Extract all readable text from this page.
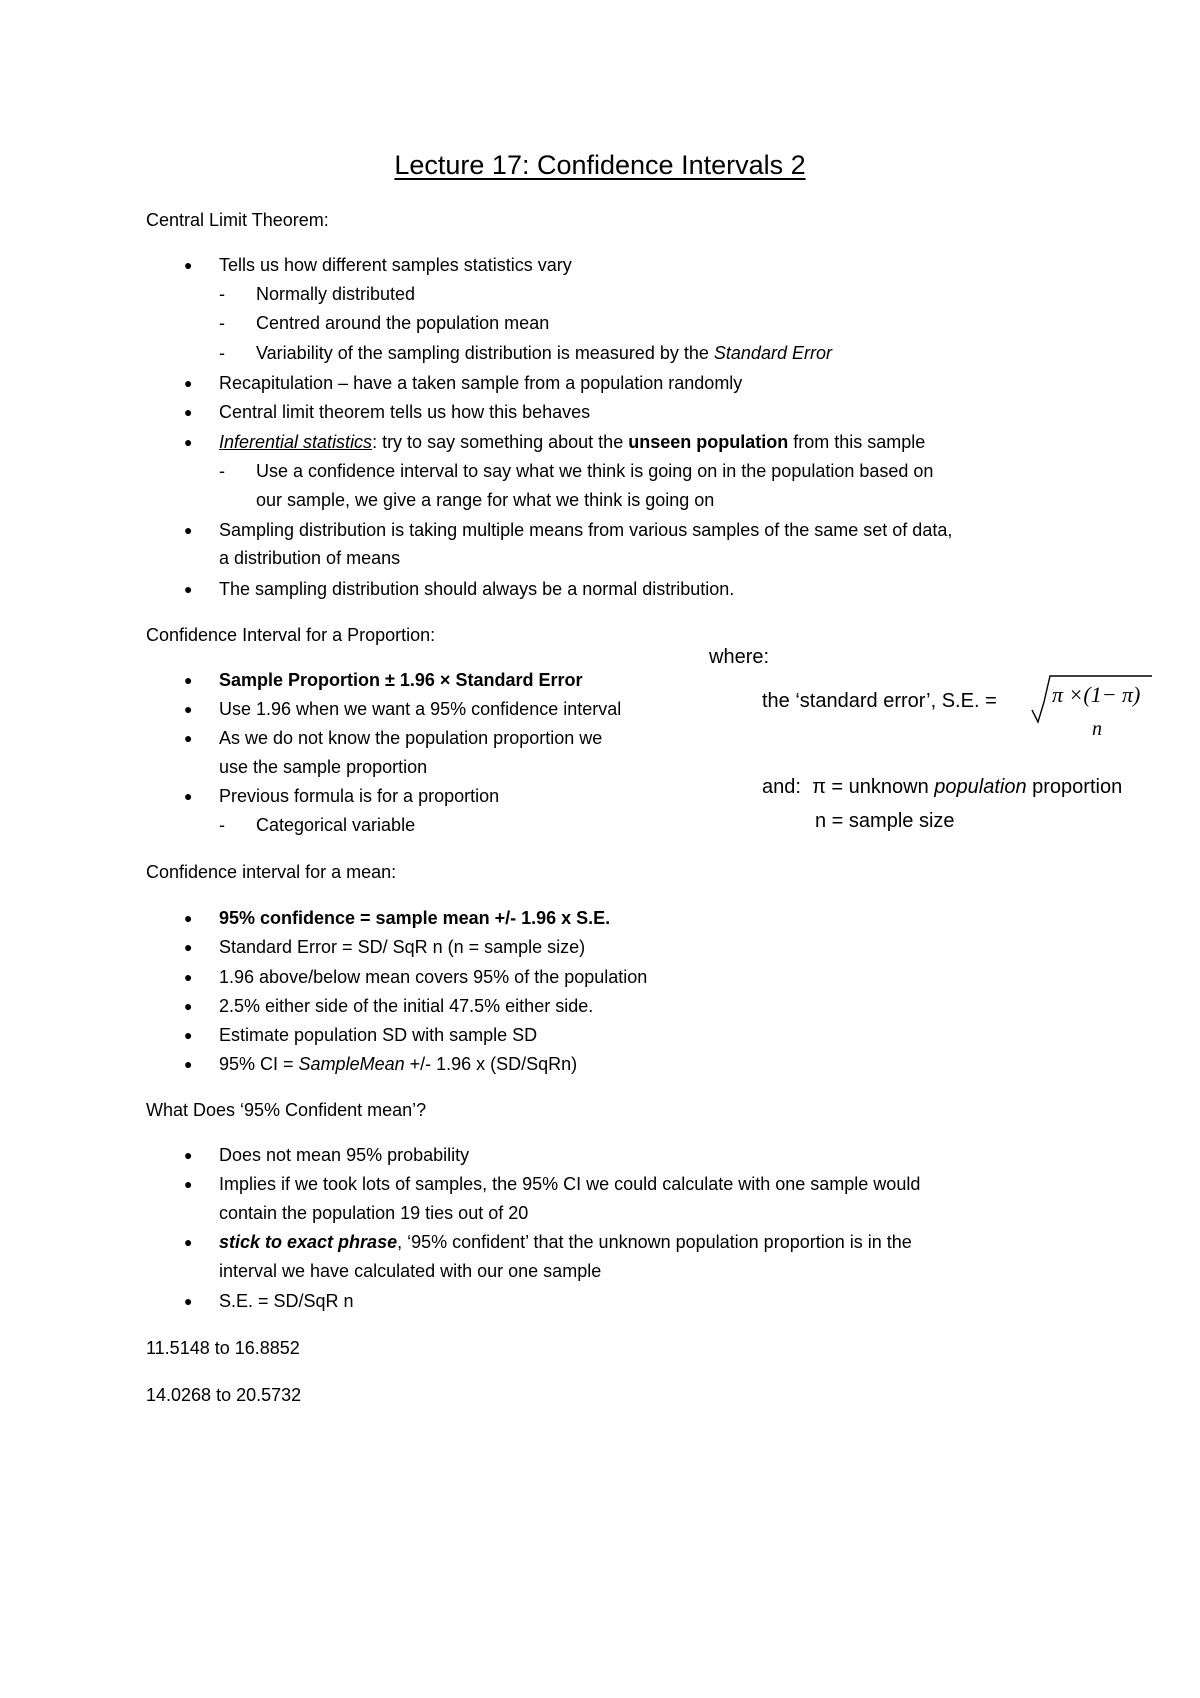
Lecture 17: Confidence Intervals 2
Central Limit Theorem:
● Tells us how different samples statistics vary
- Normally distributed
- Centred around the population mean
- Variability of the sampling distribution is measured by the Standard Error
● Recapitulation – have a taken sample from a population randomly
● Central limit theorem tells us how this behaves
● Inferential statistics: try to say something about the unseen population from this sample
- Use a confidence interval to say what we think is going on in the population based on
our sample, we give a range for what we think is going on
● Sampling distribution is taking multiple means from various samples of the same set of data,
a distribution of means
● The sampling distribution should always be a normal distribution.
Confidence Interval for a Proportion:
● Sample Proportion ± 1.96 × Standard Error
● Use 1.96 when we want a 95% confidence interval
● As we do not know the population proportion we
use the sample proportion
● Previous formula is for a proportion
- Categorical variable
where:
the ‘standard error’, S.E. =	π ×(1− π)
n
and: π = unknown population proportion
n = sample size
Confidence interval for a mean:
● 95% confidence = sample mean +/- 1.96 x S.E.
● Standard Error = SD/ SqR n (n = sample size)
● 1.96 above/below mean covers 95% of the population
● 2.5% either side of the initial 47.5% either side.
● Estimate population SD with sample SD
● 95% CI = SampleMean +/- 1.96 x (SD/SqRn)
What Does ‘95% Confident mean’?
● Does not mean 95% probability
● Implies if we took lots of samples, the 95% CI we could calculate with one sample would
contain the population 19 ties out of 20
● stick to exact phrase, ‘95% confident’ that the unknown population proportion is in the
interval we have calculated with our one sample
● S.E. = SD/SqR n
11.5148 to 16.8852
14.0268 to 20.5732
